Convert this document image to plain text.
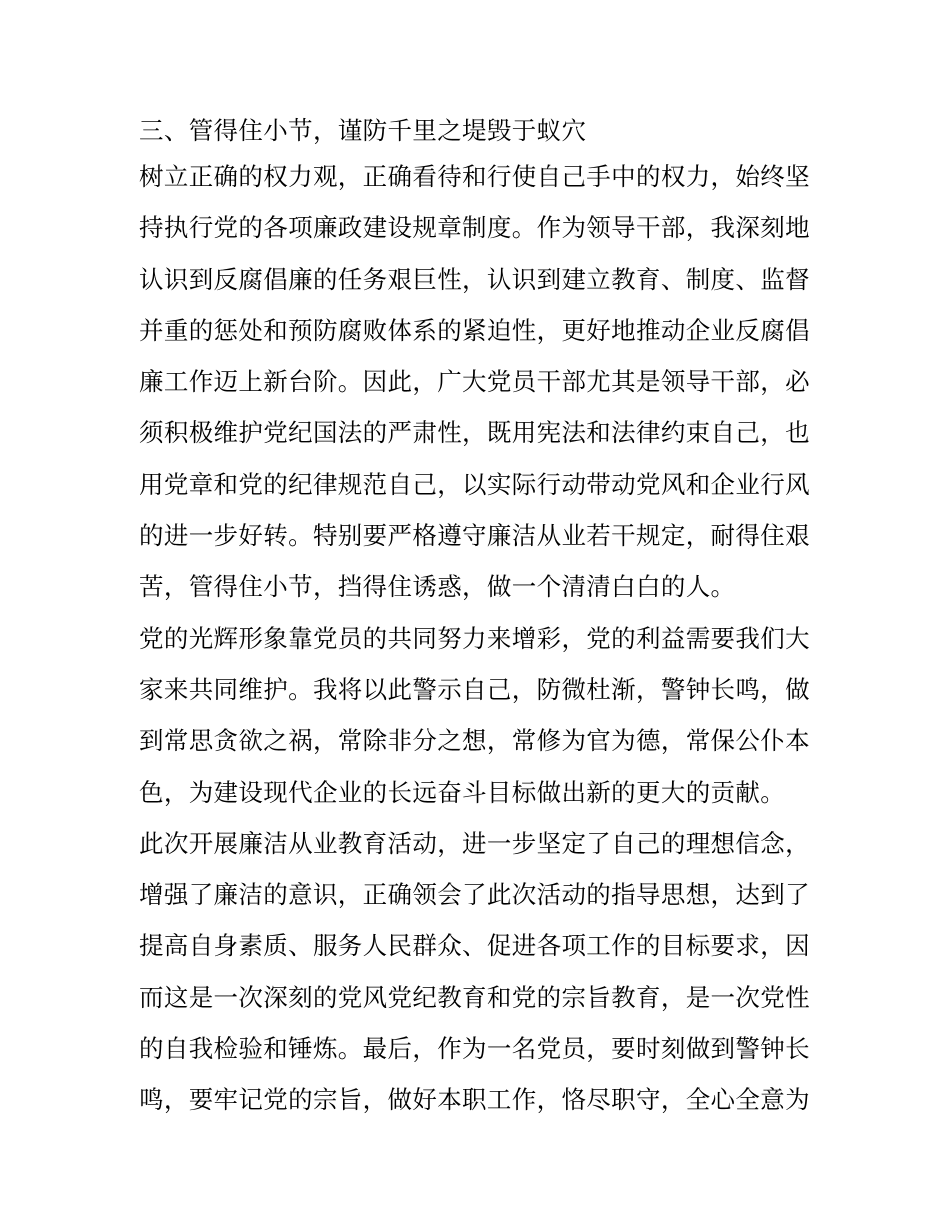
三、管得住小节，谨防千里之堤毁于蚁穴
树立正确的权力观，正确看待和行使自己手中的权力，始终坚
持执行党的各项廉政建设规章制度。作为领导干部，我深刻地
认识到反腐倡廉的任务艰巨性，认识到建立教育、制度、监督
并重的惩处和预防腐败体系的紧迫性，更好地推动企业反腐倡
廉工作迈上新台阶。因此，广大党员干部尤其是领导干部，必
须积极维护党纪国法的严肃性，既用宪法和法律约束自己，也
用党章和党的纪律规范自己，以实际行动带动党风和企业行风
的进一步好转。特别要严格遵守廉洁从业若干规定，耐得住艰
苦，管得住小节，挡得住诱惑，做一个清清白白的人。
党的光辉形象靠党员的共同努力来增彩，党的利益需要我们大
家来共同维护。我将以此警示自己，防微杜渐，警钟长鸣，做
到常思贪欲之祸，常除非分之想，常修为官为德，常保公仆本
色，为建设现代企业的长远奋斗目标做出新的更大的贡献。
此次开展廉洁从业教育活动，进一步坚定了自己的理想信念，
增强了廉洁的意识，正确领会了此次活动的指导思想，达到了
提高自身素质、服务人民群众、促进各项工作的目标要求，因
而这是一次深刻的党风党纪教育和党的宗旨教育，是一次党性
的自我检验和锤炼。最后，作为一名党员，要时刻做到警钟长
鸣，要牢记党的宗旨，做好本职工作，恪尽职守，全心全意为
